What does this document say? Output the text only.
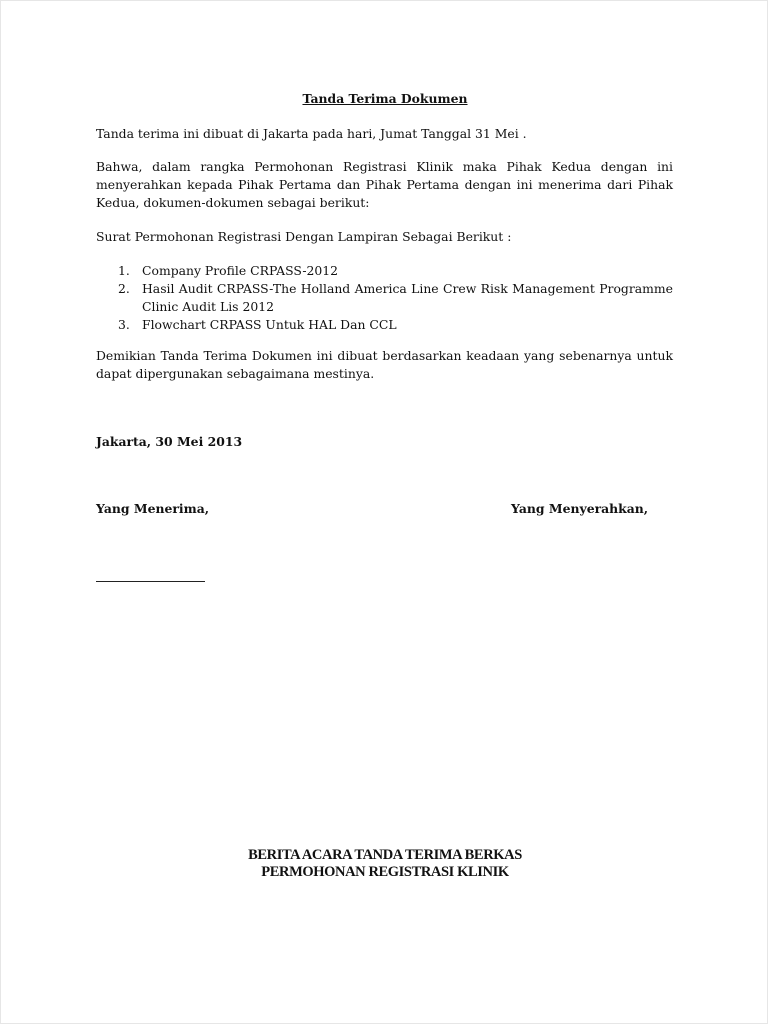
Tanda Terima Dokumen

Tanda terima ini dibuat di Jakarta pada hari, Jumat Tanggal 31 Mei .

Bahwa, dalam rangka Permohonan Registrasi Klinik maka Pihak Kedua dengan ini menyerahkan kepada Pihak Pertama dan Pihak Pertama dengan ini menerima dari Pihak Kedua, dokumen-dokumen sebagai berikut:

Surat Permohonan Registrasi Dengan Lampiran Sebagai Berikut :

1. Company Profile CRPASS-2012
2. Hasil Audit CRPASS-The Holland America Line Crew Risk Management Programme Clinic Audit Lis 2012
3. Flowchart CRPASS Untuk HAL Dan CCL

Demikian Tanda Terima Dokumen ini dibuat berdasarkan keadaan yang sebenarnya untuk dapat dipergunakan sebagaimana mestinya.

Jakarta, 30 Mei 2013

Yang Menerima,	Yang Menyerahkan,
BERITA ACARA TANDA TERIMA BERKAS
PERMOHONAN REGISTRASI KLINIK
